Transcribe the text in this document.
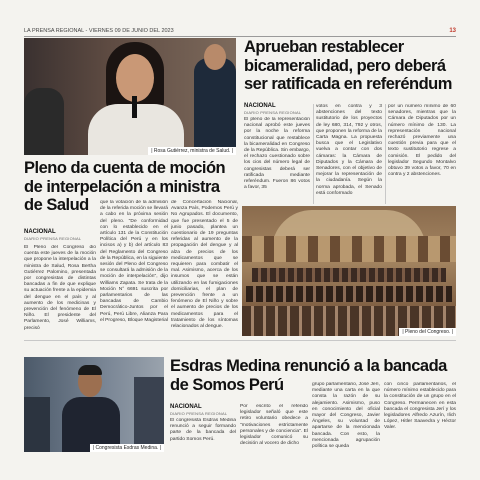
LA PRENSA REGIONAL - VIERNES 09 DE JUNIO DEL 2023	13
| Rosa Gutiérrez, ministra de Salud. |
Aprueban restablecer bicameralidad, pero deberá ser ratificada en referéndum
NACIONAL
DIARIO PRENSA REGIONAL
El pleno de la representación nacional aprobó este jueves por la noche la reforma constitucional que restablece la bicameralidad en Congreso de la República. Sin embargo, el rechazo cuestionado sobre los cios del número legal de congresistas deberá ser ratificada mediante referéndum. Fueron 86 votos a favor, 35
votos en contra y 3 abstenciones del texto sustitutorio de los proyectos de ley 680, 314, 792 y otros, que proponen la reforma de la Carta Magna. La propuesta busca que el Legislativo vuelva a contar con dos cámaras: la Cámara de Diputados y la Cámara de Senadores, con el objetivo de mejorar la representación de la ciudadanía. Según la norma aprobada, el Senado está conformado
por un número mínimo de 60 senadores, mientras que la Cámara de Diputados por un número mínimo de 130. La representación nacional rechazó previamente una cuestión previa para que el texto sustitutorio regrese a comisión. El pedido del legislador Segundo Montalvo obtuvo 39 votos a favor, 70 en contra y 2 abstenciones.
Pleno da cuenta de moción de interpelación a ministra de Salud
NACIONAL
DIARIO PRENSA REGIONAL
El Pleno del Congreso dio cuenta este jueves de la moción que propone la interpelación a la ministra de Salud, Rosa Bertha Gutiérrez Palomino, presentada por congresistas de distintas bancadas a fin de que explique su actuación frente a la epidemia del dengue en el país y al aumento de los medicinas y prevención del fenómeno de El Niño. El presidente del Parlamento, José Williams, precisó
que la votación de la admisión de la referida moción se llevará a cabo en la próxima sesión del pleno. "De conformidad con lo establecido en el artículo 131 de la Constitución Política del Perú y en los incisos a) y b) del artículo 83 del Reglamento del Congreso de la República, en la siguiente sesión del Pleno del Congreso se consultará la admisión de la moción de interpelación", dijo Williams Zapata. Se trata de la Moción N° 6691 suscrita por parlamentarios de las bancadas de Cambio Democrático-Juntos por el Perú, Perú Libre, Alianza Para el Progreso, Bloque Magisterial
de Concertación Nacional, Avanza País, Podemos Perú y No Agrupados. El documento, que fue presentado el 5 de junio pasado, plantea un cuestionario de 19 preguntas referidas al aumento de la propagación del dengue y al alza de precios de los medicamentos que se requieren para combatir el mal. Asimismo, acerca de los insumos que se están utilizando en las fumigaciones domiciliarias, el plan de prevención frente a un fenómeno de El Niño y sobre el aumento de precios de los medicamentos para el tratamiento de los síntomas relacionados al dengue.
| Pleno del Congreso. |
| Congresista Esdras Medina. |
Esdras Medina renunció a la bancada de Somos Perú
NACIONAL
DIARIO PRENSA REGIONAL
El congresista Esdras Medina renunció a seguir formando parte de la bancada del partido Somos Perú.
Por escrito el referido legislador señaló que este retiro voluntario obedece a "motivaciones estrictamente personales y de conciencia". El legislador comunicó su decisión al vocero de dicho
grupo parlamentario, José Jerí, mediante una carta en la que consta la razón de su alejamiento. Asimismo, puso en conocimiento del oficial mayor del Congreso, Javier Ángeles, su voluntad de apartarse de la mencionada bancada. Con esto, la mencionada agrupación política se queda
con cinco parlamentarios, el número mínimo establecido para la constitución de un grupo en el Congreso. Permanecen en esta bancada el congresista Jerí y los legisladores Alfredo Azurín, Ilich López, Hitler Saavedra y Héctor Valer.
